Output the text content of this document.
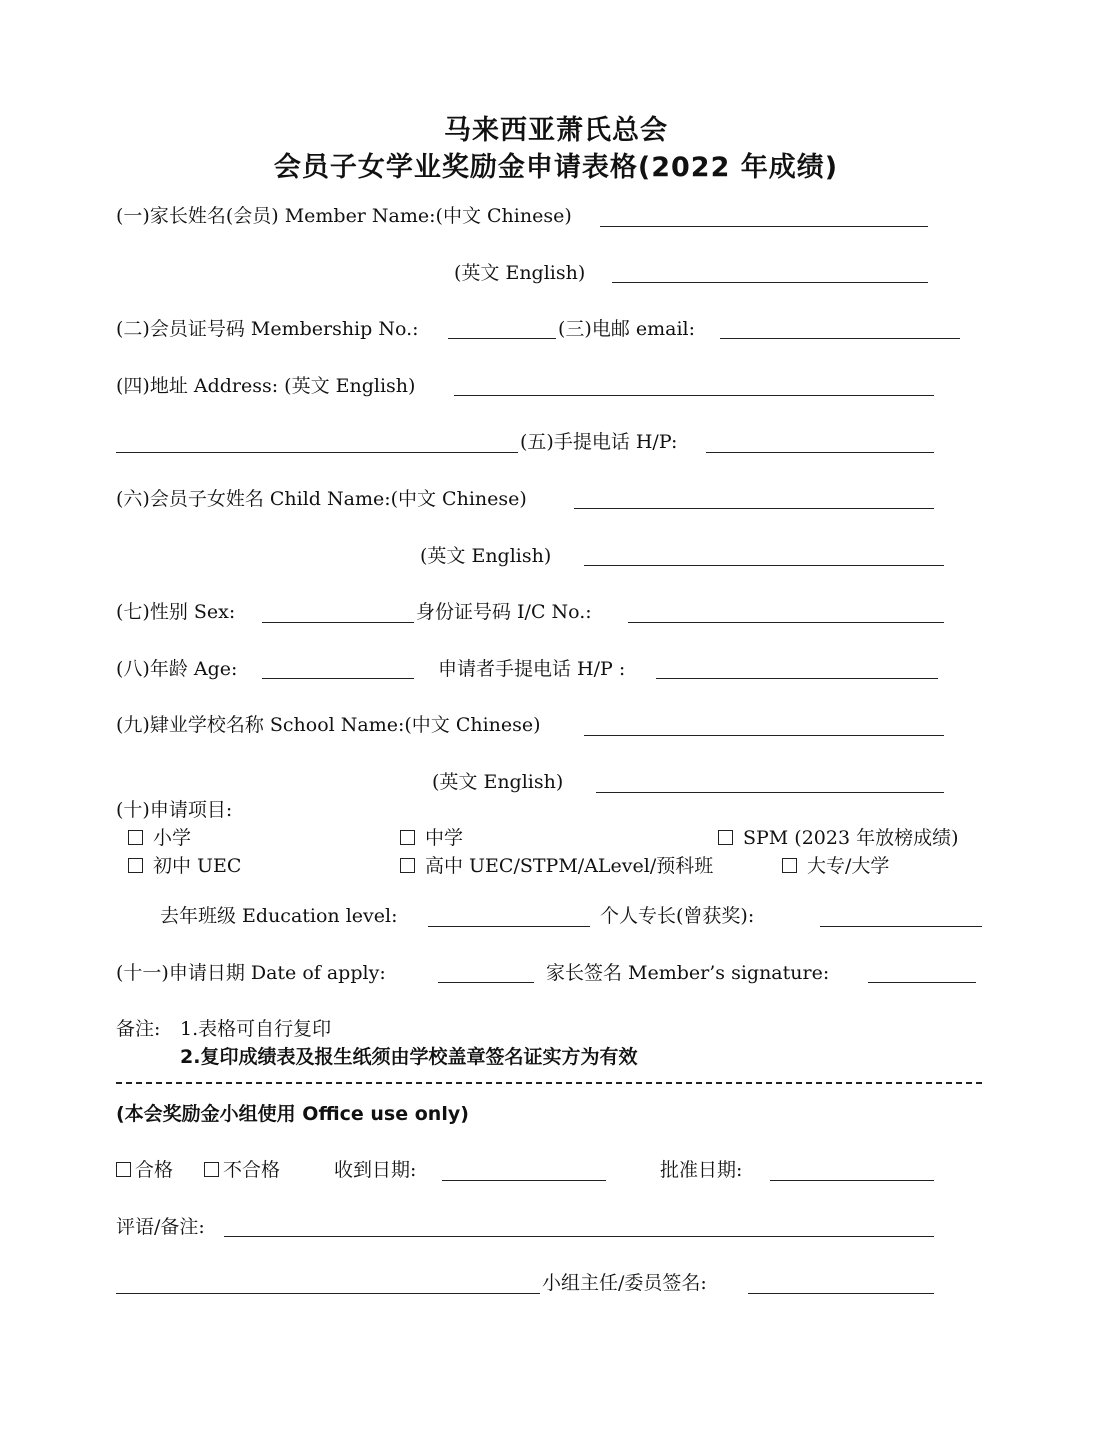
马来西亚萧氏总会
会员子女学业奖励金申请表格(2022 年成绩)
(一)家长姓名(会员) Member Name:(中文 Chinese)
(英文 English)
(二)会员证号码 Membership No.:	(三)电邮 email:
(四)地址 Address: (英文 English)
(五)手提电话 H/P:
(六)会员子女姓名 Child Name:(中文 Chinese)
(英文 English)
(七)性别 Sex:	身份证号码 I/C No.:
(八)年龄 Age:	申请者手提电话 H/P :
(九)肄业学校名称 School Name:(中文 Chinese)
(英文 English)
(十)申请项目:
小学	中学	SPM (2023 年放榜成绩)
初中 UEC	高中 UEC/STPM/ALevel/预科班	大专/大学
去年班级 Education level:	个人专长(曾获奖):
(十一)申请日期 Date of apply:	家长签名 Member’s signature:
备注: 1.表格可自行复印
2.复印成绩表及报生纸须由学校盖章签名证实方为有效
(本会奖励金小组使用 Office use only)
合格	不合格	收到日期:	批准日期:
评语/备注:
小组主任/委员签名:
